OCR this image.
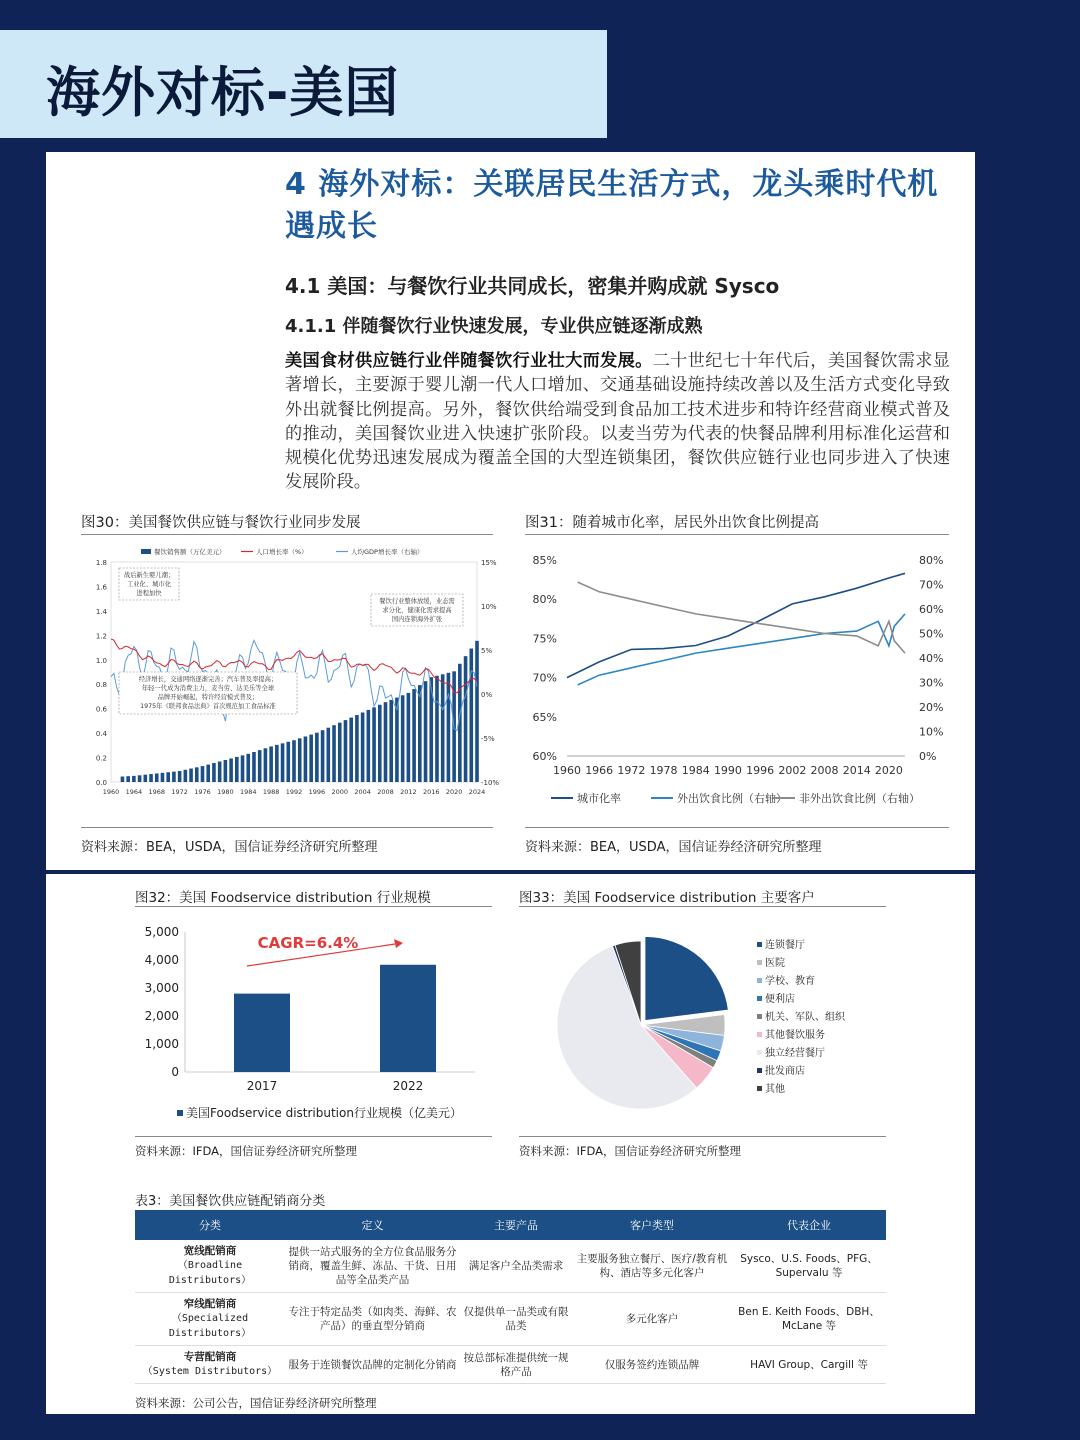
海外对标-美国
4 海外对标：关联居民生活方式，龙头乘时代机遇成长
4.1 美国：与餐饮行业共同成长，密集并购成就 Sysco
4.1.1 伴随餐饮行业快速发展，专业供应链逐渐成熟
美国食材供应链行业伴随餐饮行业壮大而发展。二十世纪七十年代后，美国餐饮需求显著增长，主要源于婴儿潮一代人口增加、交通基础设施持续改善以及生活方式变化导致外出就餐比例提高。另外，餐饮供给端受到食品加工技术进步和特许经营商业模式普及的推动，美国餐饮业进入快速扩张阶段。以麦当劳为代表的快餐品牌利用标准化运营和规模化优势迅速发展成为覆盖全国的大型连锁集团，餐饮供应链行业也同步进入了快速发展阶段。
图30：美国餐饮供应链与餐饮行业同步发展
0.0
0.2
0.4
0.6
0.8
1.0
1.2
1.4
1.6
1.8
-10%
-5%
0%
5%
10%
15%
1960 1964 1968 1972 1976 1980 1984 1988 1992 1996 2000 2004 2008 2012 2016 2020 2024
餐饮销售额（万亿美元）	人口增长率（%）	人均GDP增长率（右轴）
战后新生婴儿潮；
工业化、城市化
进程加快
餐饮行业整体放缓，业态需
求分化，健康化需求提高
国内连锁海外扩张
经济增长，交通网络逐渐完善；汽车普及率提高；
年轻一代成为消费主力，麦当劳、达美乐等全球
品牌开始崛起，特许经营模式普及；
1975年《联邦食品法典》首次规范加工食品标准
资料来源：BEA，USDA，国信证券经济研究所整理
图31：随着城市化率，居民外出饮食比例提高
60%
65%
70%
75%
80%
85%
0%
10%
20%
30%
40%
50%
60%
70%
80%
1960 1966 1972 1978 1984 1990 1996 2002 2008 2014 2020
城市化率	外出饮食比例（右轴） 非外出饮食比例（右轴）
资料来源：BEA，USDA，国信证券经济研究所整理
图32：美国 Foodservice distribution 行业规模
0
1,000
2,000
3,000
4,000
5,000
2017	2022
CAGR=6.4%
美国Foodservice distribution行业规模（亿美元）
资料来源：IFDA，国信证券经济研究所整理
图33：美国 Foodservice distribution 主要客户
连锁餐厅
医院
学校、教育
便利店
机关、军队、组织
其他餐饮服务
独立经营餐厅
批发商店
其他
资料来源：IFDA，国信证券经济研究所整理
表3：美国餐饮供应链配销商分类
分类	定义	主要产品	客户类型	代表企业
宽线配销商
（Broadline
Distributors）	提供一站式服务的全方位食品服务分销商，覆盖生鲜、冻品、干货、日用品等全品类产品	满足客户全品类需求	主要服务独立餐厅、医疗/教育机构、酒店等多元化客户	Sysco、U.S. Foods、PFG、Supervalu 等
窄线配销商
（Specialized
Distributors）	专注于特定品类（如肉类、海鲜、农产品）的垂直型分销商	仅提供单一品类或有限品类	多元化客户	Ben E. Keith Foods、DBH、McLane 等
专营配销商
（System Distributors）	服务于连锁餐饮品牌的定制化分销商	按总部标准提供统一规格产品	仅服务签约连锁品牌	HAVI Group、Cargill 等
资料来源：公司公告，国信证券经济研究所整理
